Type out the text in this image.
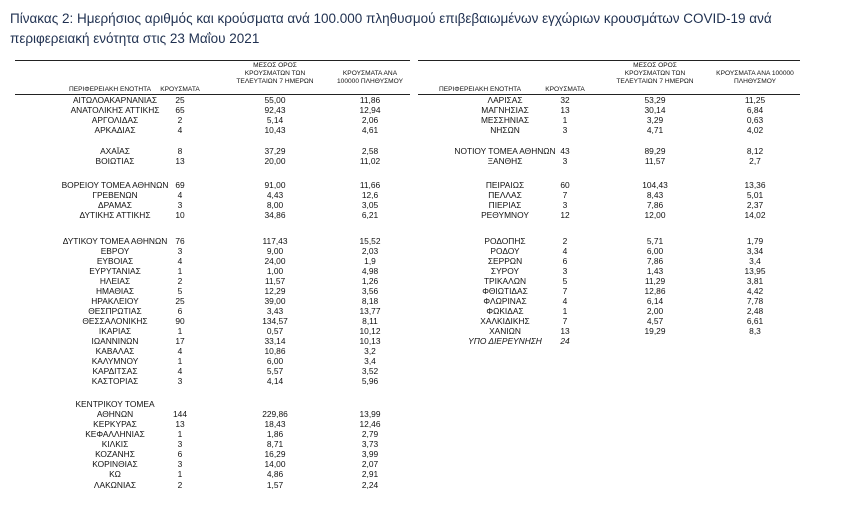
Πίνακας 2: Ημερήσιος αριθμός και κρούσματα ανά 100.000 πληθυσμού επιβεβαιωμένων εγχώριων κρουσμάτων COVID-19 ανά περιφερειακή ενότητα στις 23 Μαΐου 2021
ΠΕΡΙΦΕΡΕΙΑΚΗ ΕΝΟΤΗΤΑ	ΚΡΟΥΣΜΑΤΑ
ΜΕΣΟΣ ΟΡΟΣ ΚΡΟΥΣΜΑΤΩΝ ΤΩΝ ΤΕΛΕΥΤΑΙΩΝ 7 ΗΜΕΡΩΝ
ΚΡΟΥΣΜΑΤΑ ΑΝΑ 100000 ΠΛΗΘΥΣΜΟΥ
ΠΕΡΙΦΕΡΕΙΑΚΗ ΕΝΟΤΗΤΑ	ΚΡΟΥΣΜΑΤΑ
ΜΕΣΟΣ ΟΡΟΣ ΚΡΟΥΣΜΑΤΩΝ ΤΩΝ ΤΕΛΕΥΤΑΙΩΝ 7 ΗΜΕΡΩΝ
ΚΡΟΥΣΜΑΤΑ ΑΝΑ 100000 ΠΛΗΘΥΣΜΟΥ
ΑΙΤΩΛΟΑΚΑΡΝΑΝΙΑΣ	25	55,00	11,86
ΑΝΑΤΟΛΙΚΗΣ ΑΤΤΙΚΗΣ	65	92,43	12,94
ΑΡΓΟΛΙΔΑΣ	2	5,14	2,06
ΑΡΚΑΔΙΑΣ	4	10,43	4,61
ΑΧΑΪΑΣ	8	37,29	2,58
ΒΟΙΩΤΙΑΣ	13	20,00	11,02
ΒΟΡΕΙΟΥ ΤΟΜΕΑ ΑΘΗΝΩΝ 69	91,00	11,66
ΓΡΕΒΕΝΩΝ	4	4,43	12,6
ΔΡΑΜΑΣ	3	8,00	3,05
ΔΥΤΙΚΗΣ ΑΤΤΙΚΗΣ	10	34,86	6,21
ΔΥΤΙΚΟΥ ΤΟΜΕΑ ΑΘΗΝΩΝ 76	117,43	15,52
ΕΒΡΟΥ	3	9,00	2,03
ΕΥΒΟΙΑΣ	4	24,00	1,9
ΕΥΡΥΤΑΝΙΑΣ	1	1,00	4,98
ΗΛΕΙΑΣ	2	11,57	1,26
ΗΜΑΘΙΑΣ	5	12,29	3,56
ΗΡΑΚΛΕΙΟΥ	25	39,00	8,18
ΘΕΣΠΡΩΤΙΑΣ	6	3,43	13,77
ΘΕΣΣΑΛΟΝΙΚΗΣ	90	134,57	8,11
ΙΚΑΡΙΑΣ	1	0,57	10,12
ΙΩΑΝΝΙΝΩΝ	17	33,14	10,13
ΚΑΒΑΛΑΣ	4	10,86	3,2
ΚΑΛΥΜΝΟΥ	1	6,00	3,4
ΚΑΡΔΙΤΣΑΣ	4	5,57	3,52
ΚΑΣΤΟΡΙΑΣ	3	4,14	5,96
ΚΕΝΤΡΙΚΟΥ ΤΟΜΕΑ
ΑΘΗΝΩΝ	144	229,86	13,99
ΚΕΡΚΥΡΑΣ	13	18,43	12,46
ΚΕΦΑΛΛΗΝΙΑΣ	1	1,86	2,79
ΚΙΛΚΙΣ	3	8,71	3,73
ΚΟΖΑΝΗΣ	6	16,29	3,99
ΚΟΡΙΝΘΙΑΣ	3	14,00	2,07
ΚΩ	1	4,86	2,91
ΛΑΚΩΝΙΑΣ	2	1,57	2,24
ΛΑΡΙΣΑΣ	32	53,29	11,25
ΜΑΓΝΗΣΙΑΣ	13	30,14	6,84
ΜΕΣΣΗΝΙΑΣ	1	3,29	0,63
ΝΗΣΩΝ	3	4,71	4,02
ΝΟΤΙΟΥ ΤΟΜΕΑ ΑΘΗΝΩΝ 43	89,29	8,12
ΞΑΝΘΗΣ	3	11,57	2,7
ΠΕΙΡΑΙΩΣ	60	104,43	13,36
ΠΕΛΛΑΣ	7	8,43	5,01
ΠΙΕΡΙΑΣ	3	7,86	2,37
ΡΕΘΥΜΝΟΥ	12	12,00	14,02
ΡΟΔΟΠΗΣ	2	5,71	1,79
ΡΟΔΟΥ	4	6,00	3,34
ΣΕΡΡΩΝ	6	7,86	3,4
ΣΥΡΟΥ	3	1,43	13,95
ΤΡΙΚΑΛΩΝ	5	11,29	3,81
ΦΘΙΩΤΙΔΑΣ	7	12,86	4,42
ΦΛΩΡΙΝΑΣ	4	6,14	7,78
ΦΩΚΙΔΑΣ	1	2,00	2,48
ΧΑΛΚΙΔΙΚΗΣ	7	4,57	6,61
ΧΑΝΙΩΝ	13	19,29	8,3
ΥΠΟ ΔΙΕΡΕΥΝΗΣΗ	24
